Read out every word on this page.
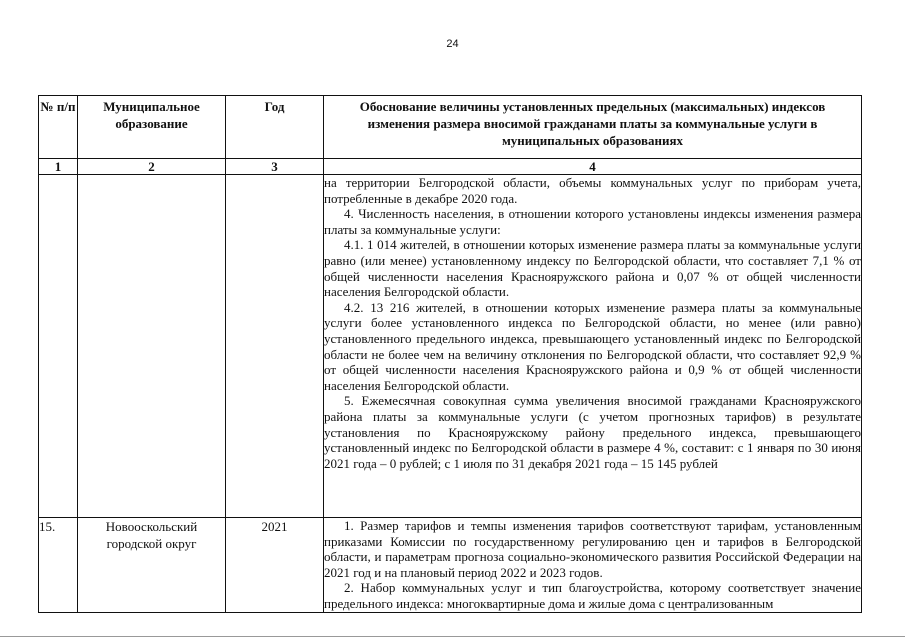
24
№ п/п	Муниципальное образование	Год	Обоснование величины установленных предельных (максимальных) индексов изменения размера вносимой гражданами платы за коммунальные услуги в муниципальных образованиях
1	2	3	4

			на территории Белгородской области, объемы коммунальных услуг по приборам учета, потребленные в декабре 2020 года.

4. Численность населения, в отношении которого установлены индексы изменения размера платы за коммунальные услуги:

4.1. 1 014 жителей, в отношении которых изменение размера платы за коммунальные услуги равно (или менее) установленному индексу по Белгородской области, что составляет 7,1 % от общей численности населения Краснояружского района и 0,07 % от общей численности населения Белгородской области.

4.2. 13 216 жителей, в отношении которых изменение размера платы за коммунальные услуги более установленного индекса по Белгородской области, но менее (или равно) установленного предельного индекса, превышающего установленный индекс по Белгородской области не более чем на величину отклонения по Белгородской области, что составляет 92,9 % от общей численности населения Краснояружского района и 0,9 % от общей численности населения Белгородской области.

5. Ежемесячная совокупная сумма увеличения вносимой гражданами Краснояружского района платы за коммунальные услуги (с учетом прогнозных тарифов) в результате установления по Краснояружскому району предельного индекса, превышающего установленный индекс по Белгородской области в размере 4 %, составит: с 1 января по 30 июня 2021 года – 0 рублей; с 1 июля по 31 декабря 2021 года – 15 145 рублей

15.	Новооскольский городской округ	2021	1. Размер тарифов и темпы изменения тарифов соответствуют тарифам, установленным приказами Комиссии по государственному регулированию цен и тарифов в Белгородской области, и параметрам прогноза социально-экономического развития Российской Федерации на 2021 год и на плановый период 2022 и 2023 годов.

2. Набор коммунальных услуг и тип благоустройства, которому соответствует значение предельного индекса: многоквартирные дома и жилые дома с централизованным
